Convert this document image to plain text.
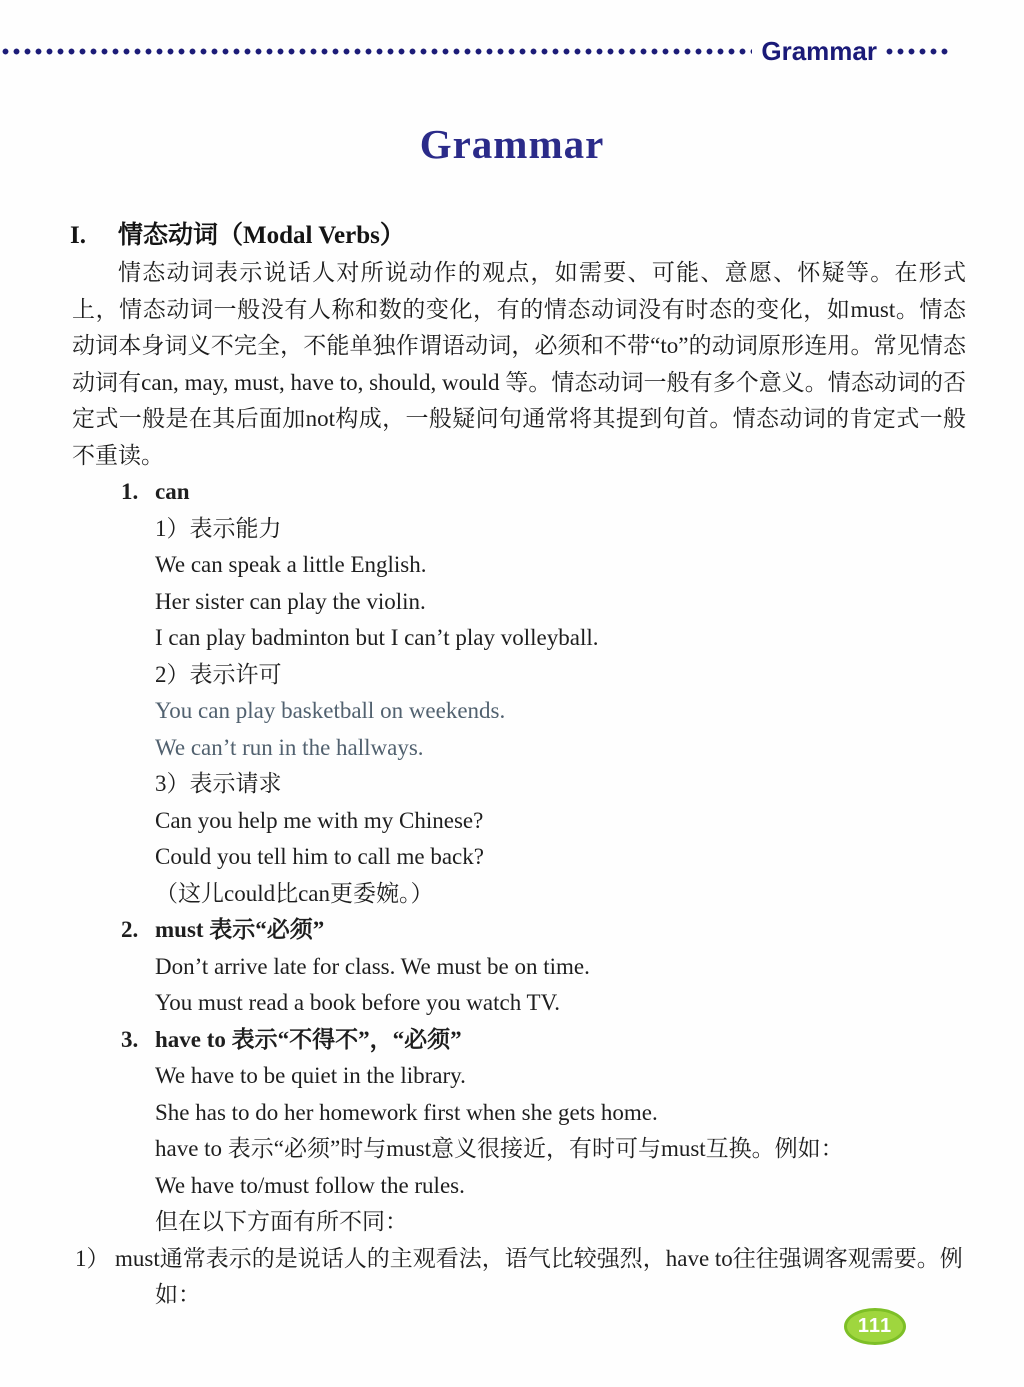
Grammar
Grammar
I. 情态动词（Modal Verbs）
情态动词表示说话人对所说动作的观点，如需要、可能、意愿、怀疑等。在形式上，情态动词一般没有人称和数的变化，有的情态动词没有时态的变化，如must。情态动词本身词义不完全，不能单独作谓语动词，必须和不带“to”的动词原形连用。常见情态动词有can, may, must, have to, should, would 等。情态动词一般有多个意义。情态动词的否定式一般是在其后面加not构成，一般疑问句通常将其提到句首。情态动词的肯定式一般不重读。
1. can
1）表示能力
We can speak a little English.
Her sister can play the violin.
I can play badminton but I can’t play volleyball.
2）表示许可
You can play basketball on weekends.
We can’t run in the hallways.
3）表示请求
Can you help me with my Chinese?
Could you tell him to call me back?
（这儿could比can更委婉。）
2. must 表示“必须”
Don’t arrive late for class. We must be on time.
You must read a book before you watch TV.
3. have to 表示“不得不”，“必须”
We have to be quiet in the library.
She has to do her homework first when she gets home.
have to 表示“必须”时与must意义很接近，有时可与must互换。例如：
We have to/must follow the rules.
但在以下方面有所不同：
1） must通常表示的是说话人的主观看法，语气比较强烈，have to往往强调客观需要。例如：
111
